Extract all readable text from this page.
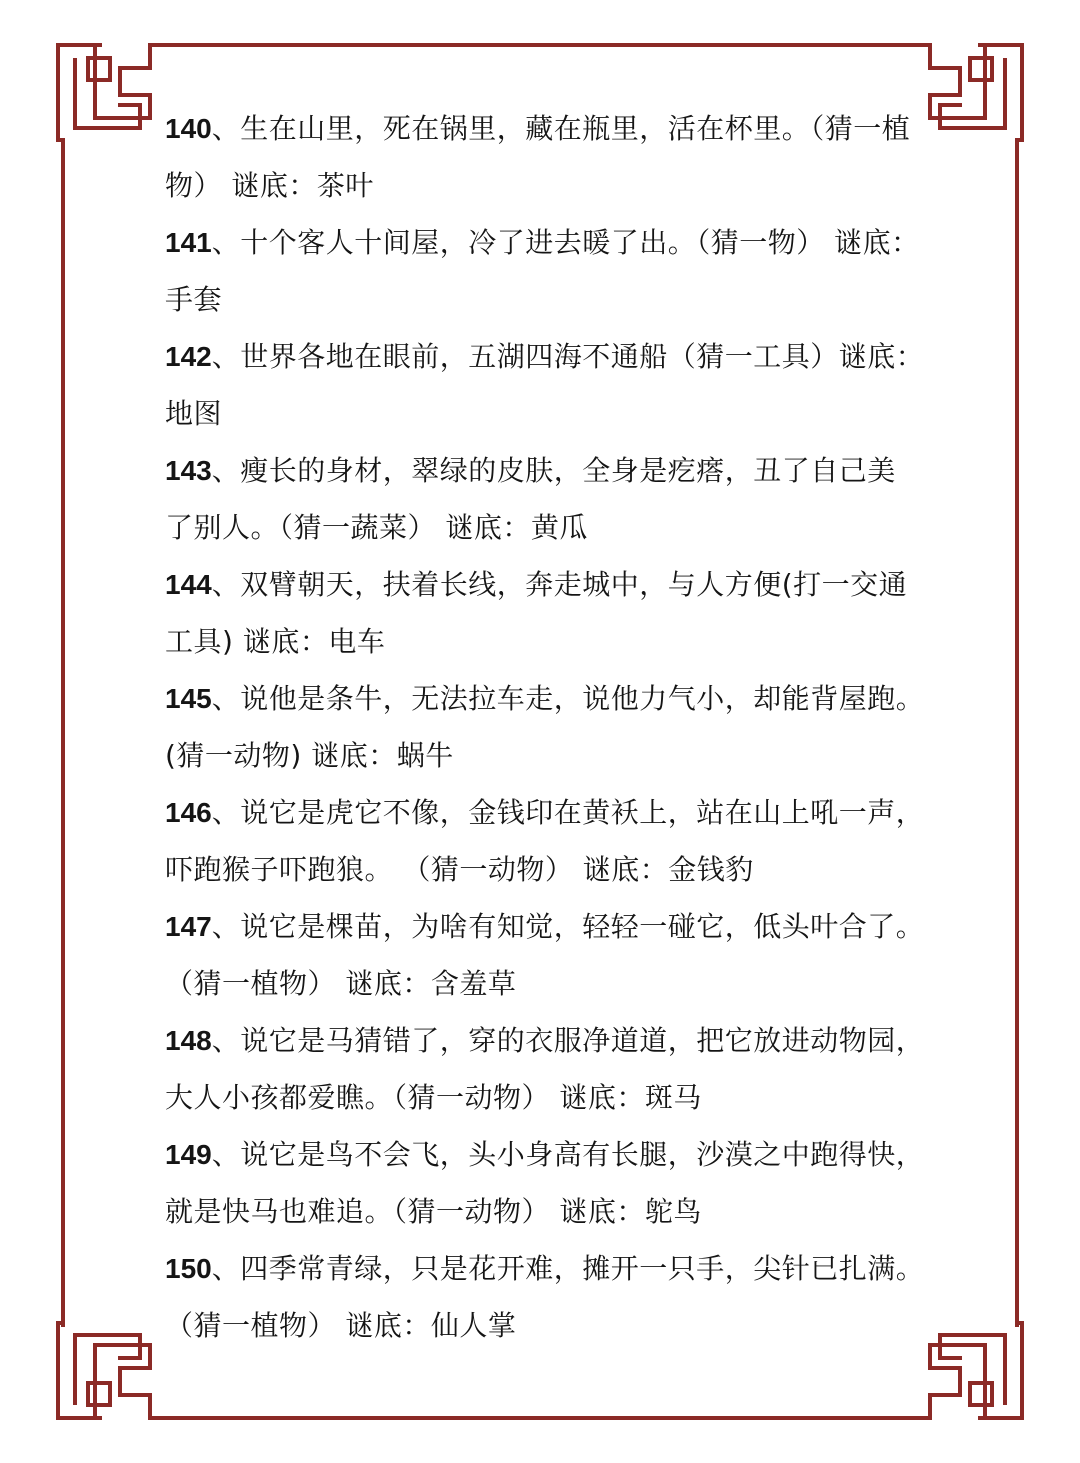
140、生在山里，死在锅里，藏在瓶里，活在杯里。（猜一植

物） 谜底：茶叶

141、十个客人十间屋，冷了进去暖了出。（猜一物） 谜底：

手套

142、世界各地在眼前，五湖四海不通船（猜一工具）谜底：

地图

143、瘦长的身材，翠绿的皮肤，全身是疙瘩，丑了自己美

了别人。（猜一蔬菜） 谜底：黄瓜

144、双臂朝天，扶着长线，奔走城中，与人方便(打一交通

工具) 谜底：电车

145、说他是条牛，无法拉车走，说他力气小，却能背屋跑。

(猜一动物) 谜底：蜗牛

146、说它是虎它不像，金钱印在黄袄上，站在山上吼一声，

吓跑猴子吓跑狼。 （猜一动物） 谜底：金钱豹

147、说它是棵苗，为啥有知觉，轻轻一碰它，低头叶合了。

（猜一植物） 谜底：含羞草

148、说它是马猜错了，穿的衣服净道道，把它放进动物园，

大人小孩都爱瞧。（猜一动物） 谜底：斑马

149、说它是鸟不会飞，头小身高有长腿，沙漠之中跑得快，

就是快马也难追。（猜一动物） 谜底：鸵鸟

150、四季常青绿，只是花开难，摊开一只手，尖针已扎满。

（猜一植物） 谜底：仙人掌
